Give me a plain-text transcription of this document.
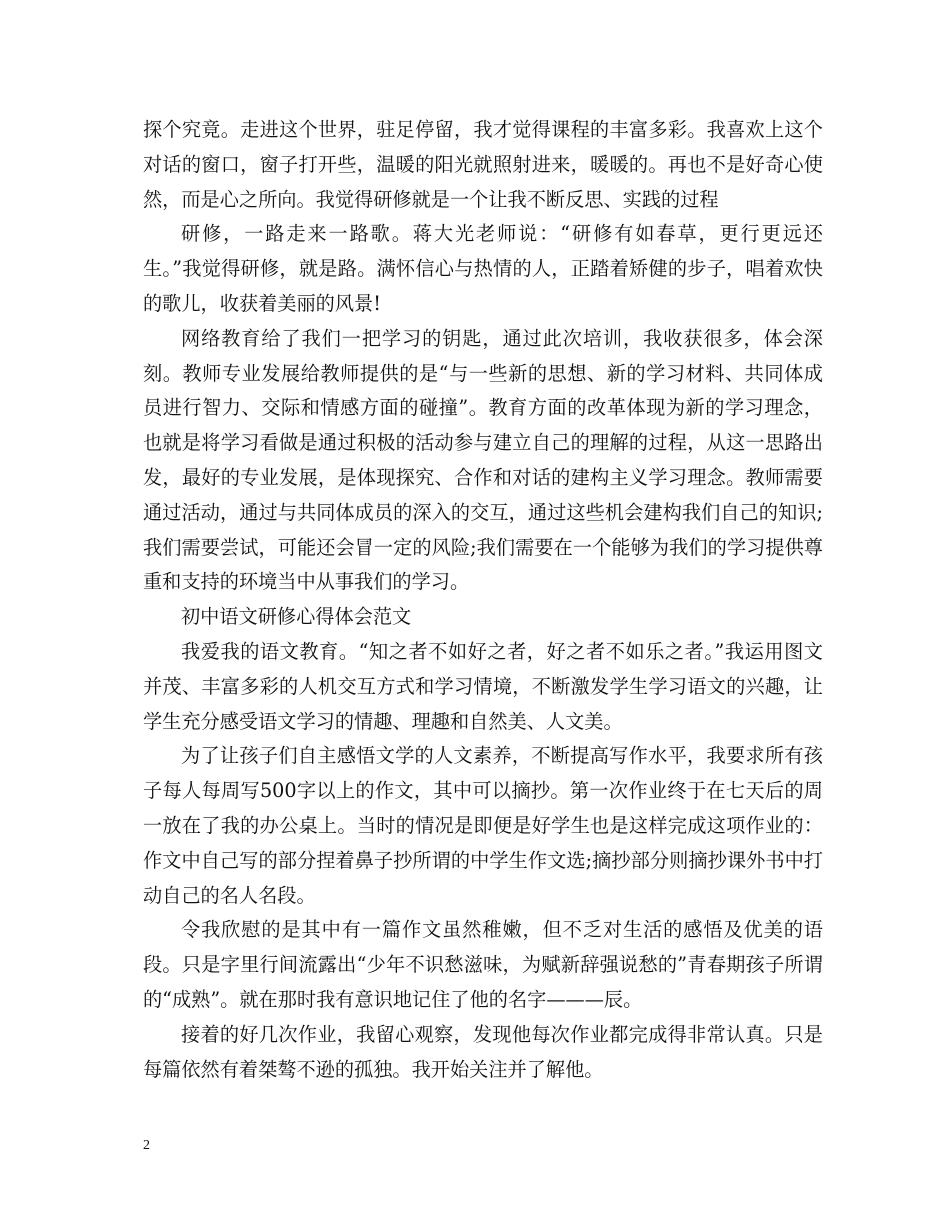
探个究竟。走进这个世界，驻足停留，我才觉得课程的丰富多彩。我喜欢上这个对话的窗口，窗子打开些，温暖的阳光就照射进来，暖暖的。再也不是好奇心使然，而是心之所向。我觉得研修就是一个让我不断反思、实践的过程

研修，一路走来一路歌。蒋大光老师说：“研修有如春草，更行更远还生。”我觉得研修，就是路。满怀信心与热情的人，正踏着矫健的步子，唱着欢快的歌儿，收获着美丽的风景!

网络教育给了我们一把学习的钥匙，通过此次培训，我收获很多，体会深刻。教师专业发展给教师提供的是“与一些新的思想、新的学习材料、共同体成员进行智力、交际和情感方面的碰撞”。教育方面的改革体现为新的学习理念，也就是将学习看做是通过积极的活动参与建立自己的理解的过程，从这一思路出发，最好的专业发展，是体现探究、合作和对话的建构主义学习理念。教师需要通过活动，通过与共同体成员的深入的交互，通过这些机会建构我们自己的知识;我们需要尝试，可能还会冒一定的风险;我们需要在一个能够为我们的学习提供尊重和支持的环境当中从事我们的学习。

初中语文研修心得体会范文

我爱我的语文教育。“知之者不如好之者，好之者不如乐之者。”我运用图文并茂、丰富多彩的人机交互方式和学习情境，不断激发学生学习语文的兴趣，让学生充分感受语文学习的情趣、理趣和自然美、人文美。

为了让孩子们自主感悟文学的人文素养，不断提高写作水平，我要求所有孩子每人每周写500字以上的作文，其中可以摘抄。第一次作业终于在七天后的周一放在了我的办公桌上。当时的情况是即便是好学生也是这样完成这项作业的：作文中自己写的部分捏着鼻子抄所谓的中学生作文选;摘抄部分则摘抄课外书中打动自己的名人名段。

令我欣慰的是其中有一篇作文虽然稚嫩，但不乏对生活的感悟及优美的语段。只是字里行间流露出“少年不识愁滋味，为赋新辞强说愁的”青春期孩子所谓的“成熟”。就在那时我有意识地记住了他的名字———辰。

接着的好几次作业，我留心观察，发现他每次作业都完成得非常认真。只是每篇依然有着桀骜不逊的孤独。我开始关注并了解他。

2
